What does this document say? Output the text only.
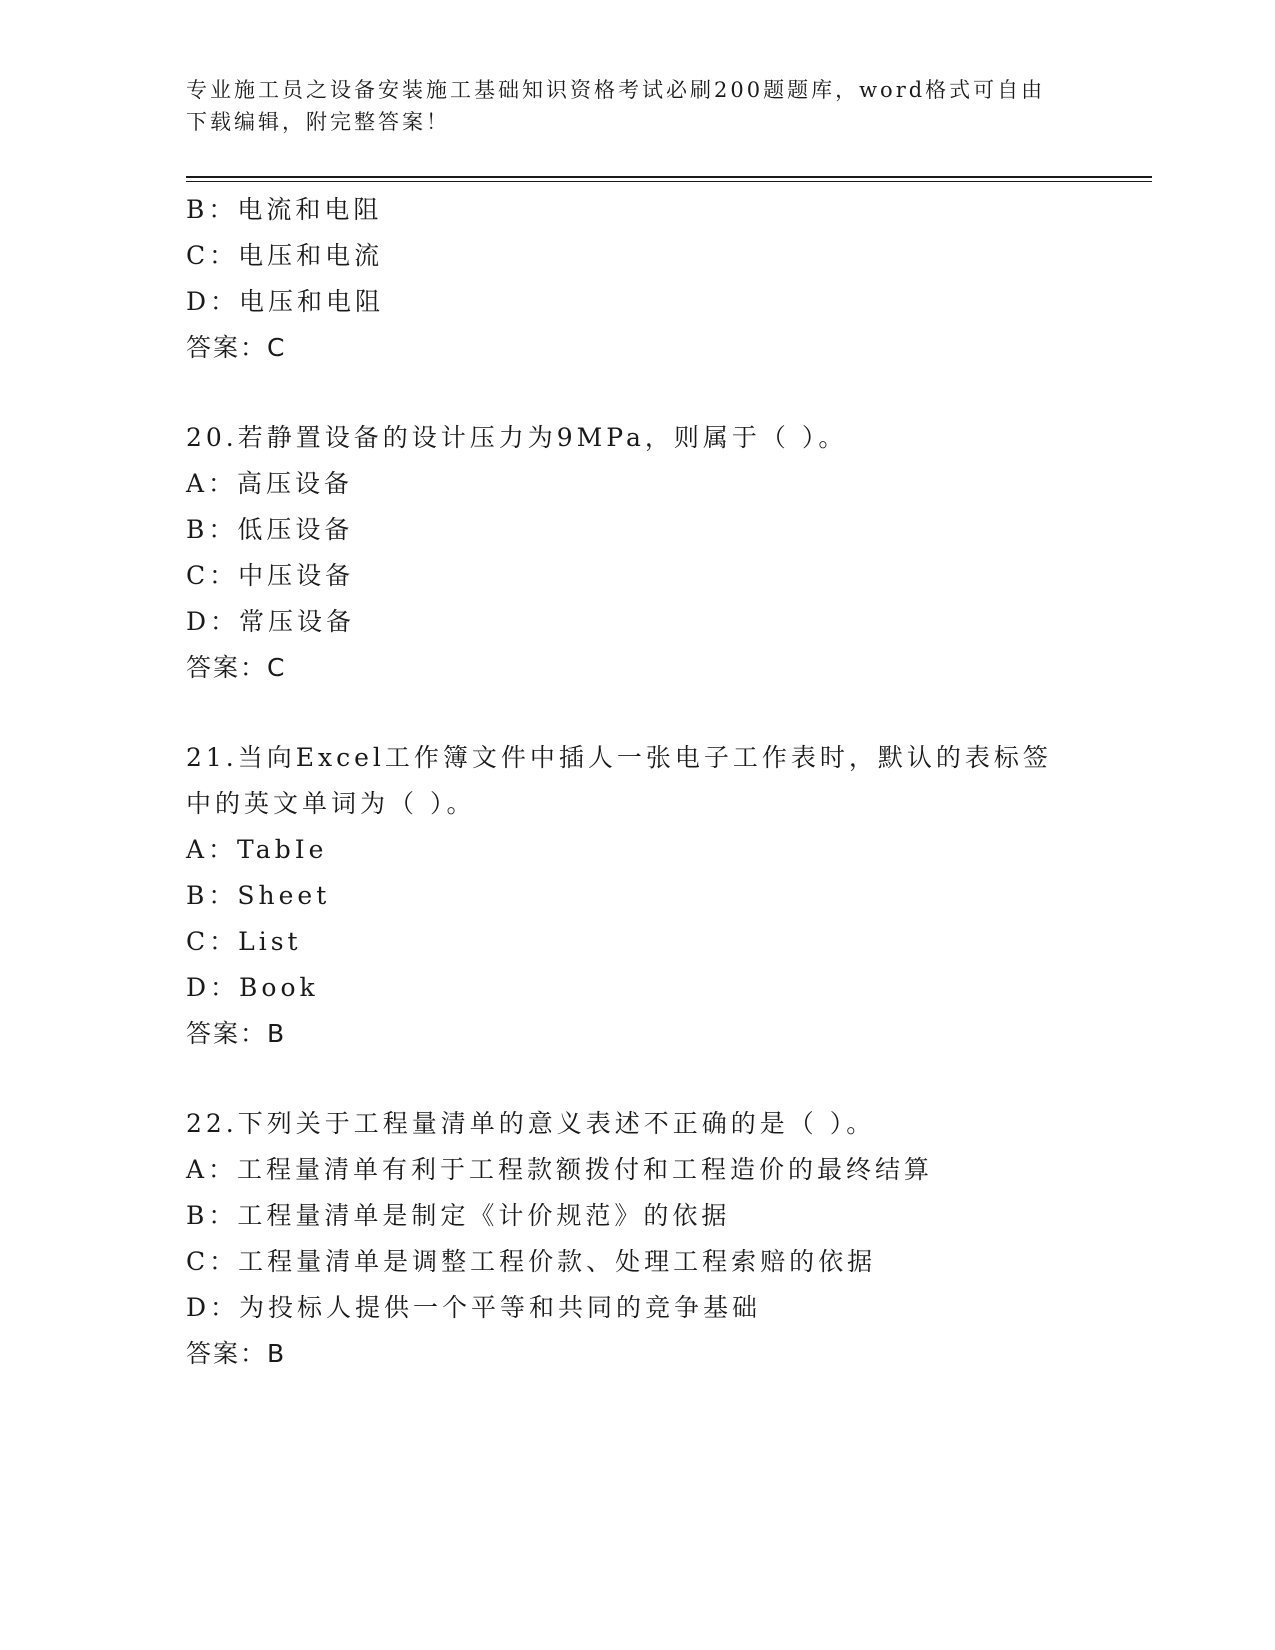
专业施工员之设备安装施工基础知识资格考试必刷200题题库，word格式可自由下载编辑，附完整答案！
B：电流和电阻
C：电压和电流
D：电压和电阻
答案：C
20.若静置设备的设计压力为9MPa，则属于（ ）。
A：高压设备
B：低压设备
C：中压设备
D：常压设备
答案：C
21.当向Excel工作簿文件中插人一张电子工作表时，默认的表标签中的英文单词为（ ）。
A：TabIe
B：Sheet
C：List
D：Book
答案：B
22.下列关于工程量清单的意义表述不正确的是（ ）。
A：工程量清单有利于工程款额拨付和工程造价的最终结算
B：工程量清单是制定《计价规范》的依据
C：工程量清单是调整工程价款、处理工程索赔的依据
D：为投标人提供一个平等和共同的竞争基础
答案：B
